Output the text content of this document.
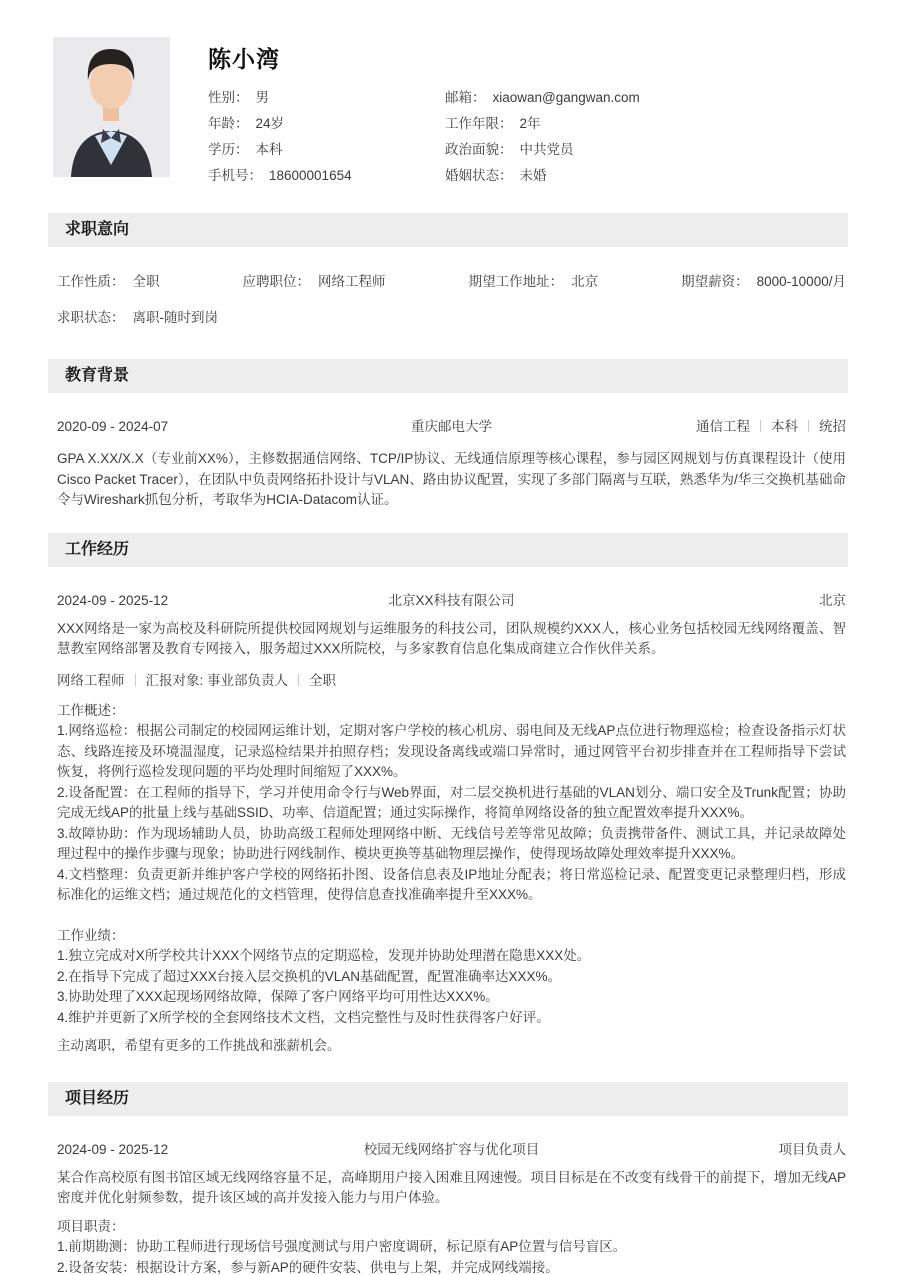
陈小湾
性别： 男	邮箱： xiaowan@gangwan.com
年龄： 24岁	工作年限： 2年
学历： 本科	政治面貌： 中共党员
手机号： 18600001654	婚姻状态： 未婚
求职意向
工作性质： 全职	应聘职位： 网络工程师	期望工作地址： 北京	期望薪资： 8000-10000/月
求职状态： 离职-随时到岗
教育背景
2020-09 - 2024-07	重庆邮电大学	通信工程 本科 统招
GPA X.XX/X.X（专业前XX%），主修数据通信网络、TCP/IP协议、无线通信原理等核心课程，参与园区网规划与仿真课程设计（使用Cisco Packet Tracer），在团队中负责网络拓扑设计与VLAN、路由协议配置，实现了多部门隔离与互联，熟悉华为/华三交换机基础命令与Wireshark抓包分析，考取华为HCIA-Datacom认证。
工作经历
2024-09 - 2025-12	北京XX科技有限公司	北京
XXX网络是一家为高校及科研院所提供校园网规划与运维服务的科技公司，团队规模约XXX人，核心业务包括校园无线网络覆盖、智慧教室网络部署及教育专网接入，服务超过XXX所院校，与多家教育信息化集成商建立合作伙伴关系。
网络工程师 汇报对象: 事业部负责人 全职
工作概述：
1.网络巡检：根据公司制定的校园网运维计划，定期对客户学校的核心机房、弱电间及无线AP点位进行物理巡检；检查设备指示灯状态、线路连接及环境温湿度，记录巡检结果并拍照存档；发现设备离线或端口异常时，通过网管平台初步排查并在工程师指导下尝试恢复，将例行巡检发现问题的平均处理时间缩短了XXX%。
2.设备配置：在工程师的指导下，学习并使用命令行与Web界面，对二层交换机进行基础的VLAN划分、端口安全及Trunk配置；协助完成无线AP的批量上线与基础SSID、功率、信道配置；通过实际操作，将简单网络设备的独立配置效率提升XXX%。
3.故障协助：作为现场辅助人员，协助高级工程师处理网络中断、无线信号差等常见故障；负责携带备件、测试工具，并记录故障处理过程中的操作步骤与现象；协助进行网线制作、模块更换等基础物理层操作，使得现场故障处理效率提升XXX%。
4.文档整理：负责更新并维护客户学校的网络拓扑图、设备信息表及IP地址分配表；将日常巡检记录、配置变更记录整理归档，形成标准化的运维文档；通过规范化的文档管理，使得信息查找准确率提升至XXX%。
工作业绩：
1.独立完成对X所学校共计XXX个网络节点的定期巡检，发现并协助处理潜在隐患XXX处。
2.在指导下完成了超过XXX台接入层交换机的VLAN基础配置，配置准确率达XXX%。
3.协助处理了XXX起现场网络故障，保障了客户网络平均可用性达XXX%。
4.维护并更新了X所学校的全套网络技术文档，文档完整性与及时性获得客户好评。
主动离职，希望有更多的工作挑战和涨薪机会。
项目经历
2024-09 - 2025-12	校园无线网络扩容与优化项目	项目负责人
某合作高校原有图书馆区域无线网络容量不足，高峰期用户接入困难且网速慢。项目目标是在不改变有线骨干的前提下，增加无线AP密度并优化射频参数，提升该区域的高并发接入能力与用户体验。
项目职责：
1.前期勘测：协助工程师进行现场信号强度测试与用户密度调研，标记原有AP位置与信号盲区。
2.设备安装：根据设计方案，参与新AP的硬件安装、供电与上架，并完成网线端接。
